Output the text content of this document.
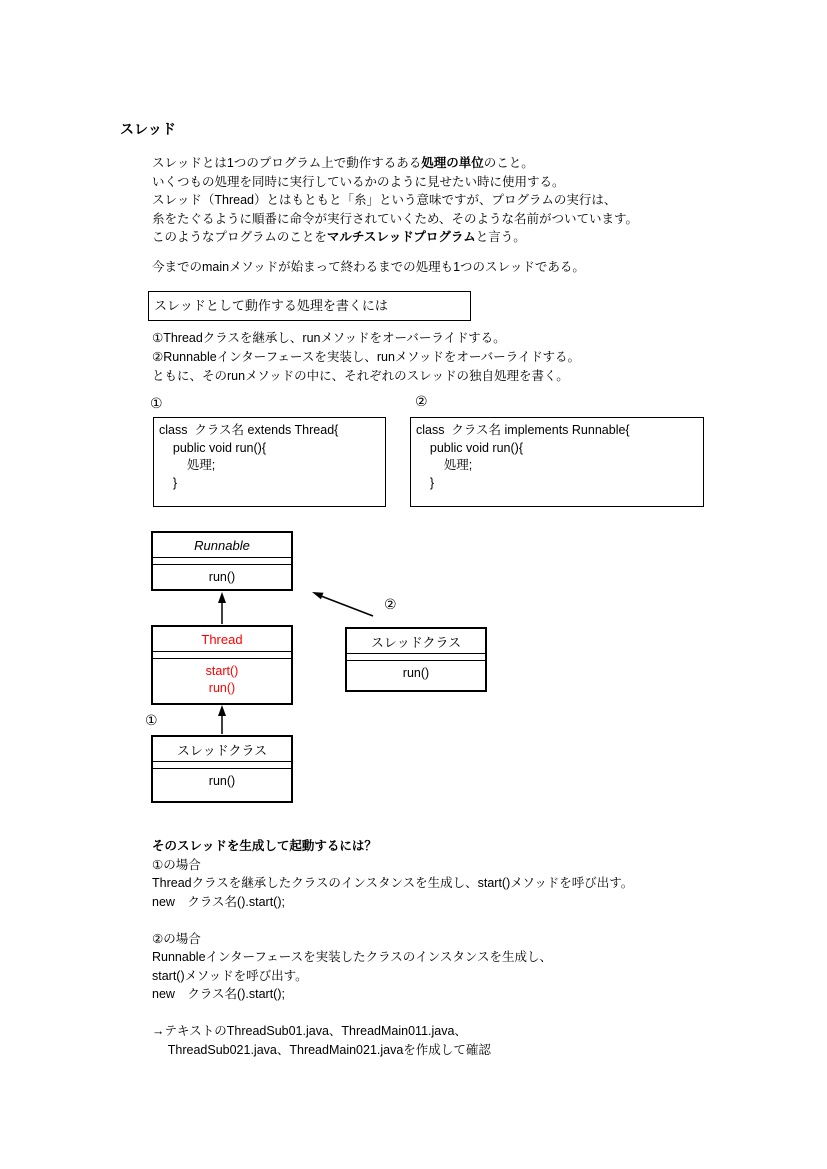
スレッド
スレッドとは1つのプログラム上で動作するある処理の単位のこと。
いくつもの処理を同時に実行しているかのように見せたい時に使用する。
スレッド（Thread）とはもともと「糸」という意味ですが、プログラムの実行は、
糸をたぐるように順番に命令が実行されていくため、そのような名前がついています。
このようなプログラムのことをマルチスレッドプログラムと言う。
今までのmainメソッドが始まって終わるまでの処理も1つのスレッドである。
スレッドとして動作する処理を書くには
①Threadクラスを継承し、runメソッドをオーバーライドする。
②Runnableインターフェースを実装し、runメソッドをオーバーライドする。
ともに、そのrunメソッドの中に、それぞれのスレッドの独自処理を書く。
①	②
class  クラス名 extends Thread{
public void run(){
処理;
}
class  クラス名 implements Runnable{
public void run(){
処理;
}
Runnable
run()
Thread
start()
run()
スレッドクラス
run()
スレッドクラス
run()
②
①
そのスレッドを生成して起動するには？
①の場合
Threadクラスを継承したクラスのインスタンスを生成し、start()メソッドを呼び出す。
new　クラス名().start();

②の場合
Runnableインターフェースを実装したクラスのインスタンスを生成し、
start()メソッドを呼び出す。
new　クラス名().start();

→テキストのThreadSub01.java、ThreadMain011.java、
　 ThreadSub021.java、ThreadMain021.javaを作成して確認
